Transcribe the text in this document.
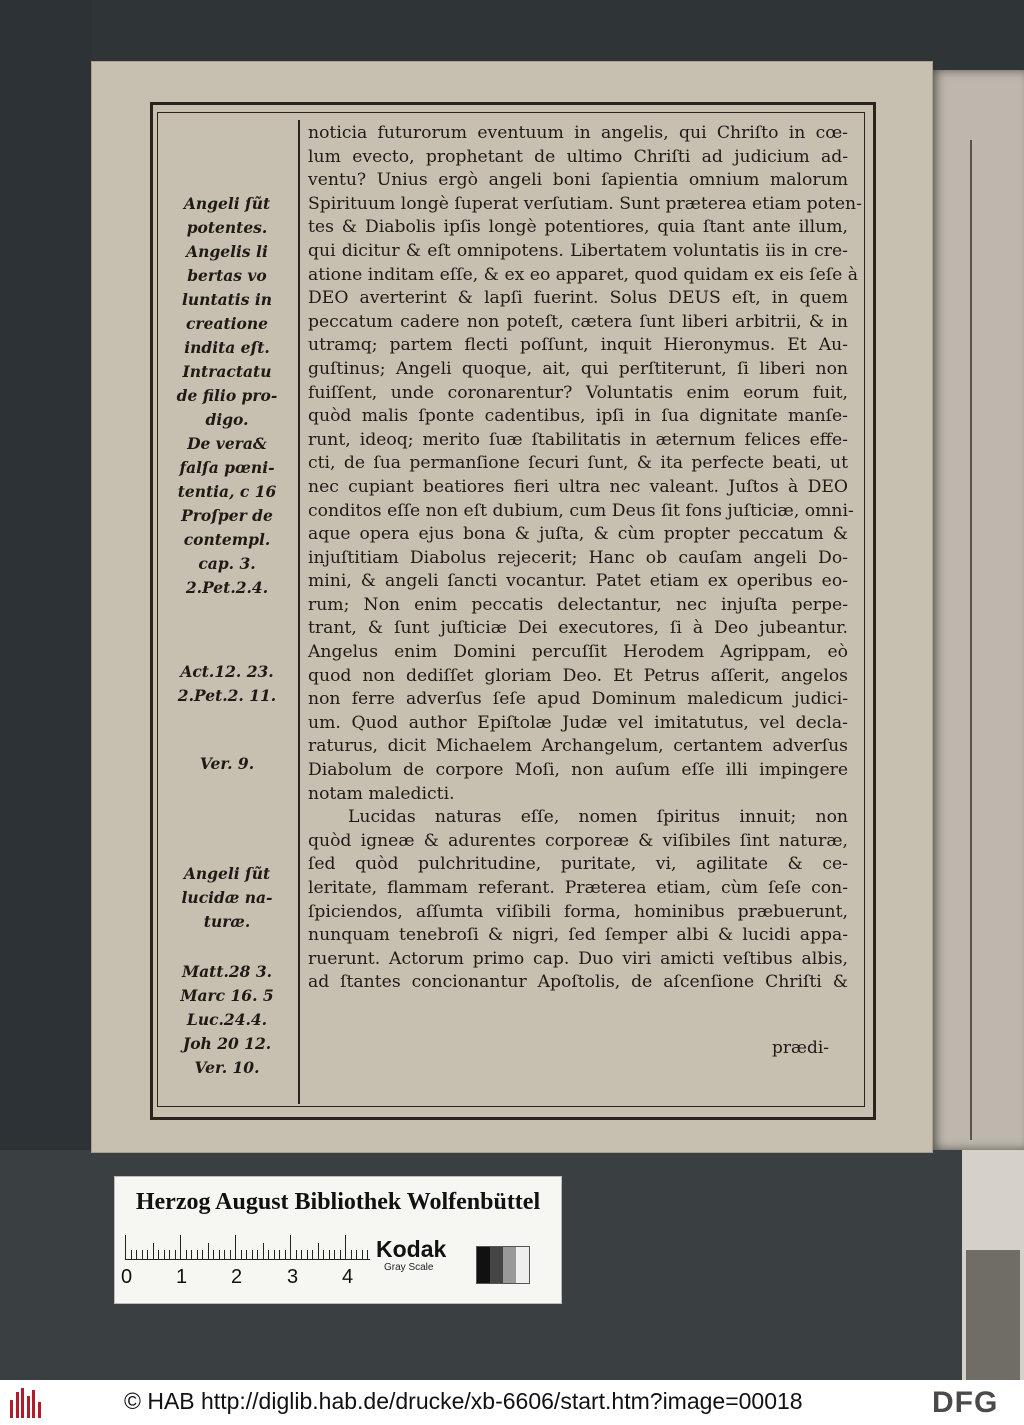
Angeli ſũt
potentes.
Angelis li
bertas vo
luntatis in
creatione
indita eſt.
Intractatu
de filio pro-
digo.
De vera&
falſa pœni-
tentia, c 16
Proſper de
contempl.
cap. 3.
2.Pet.2.4.
Act.12. 23.
2.Pet.2. 11.
Ver. 9.
Angeli ſũt
lucidæ na-
turæ.
Matt.28 3.
Marc 16. 5
Luc.24.4.
Joh 20 12.
Ver. 10.
noticia futurorum eventuum in angelis, qui Chriſto in cœ-
lum evecto, prophetant de ultimo Chriſti ad judicium ad-
ventu? Unius ergò angeli boni ſapientia omnium malorum
Spirituum longè ſuperat verſutiam. Sunt præterea etiam poten-
tes & Diabolis ipſis longè potentiores, quia ſtant ante illum,
qui dicitur & eſt omnipotens. Libertatem voluntatis iis in cre-
atione inditam eſſe, & ex eo apparet, quod quidam ex eis ſeſe à
DEO averterint & lapſi fuerint. Solus DEUS eſt, in quem
peccatum cadere non poteſt, cætera ſunt liberi arbitrii, & in
utramq; partem flecti poſſunt, inquit Hieronymus. Et Au-
guſtinus; Angeli quoque, ait, qui perſtiterunt, ſi liberi non
fuiſſent, unde coronarentur? Voluntatis enim eorum fuit,
quòd malis ſponte cadentibus, ipſi in ſua dignitate manſe-
runt, ideoq; merito ſuæ ſtabilitatis in æternum felices effe-
cti, de ſua permanſione ſecuri ſunt, & ita perfecte beati, ut
nec cupiant beatiores fieri ultra nec valeant. Juſtos à DEO
conditos eſſe non eſt dubium, cum Deus ſit fons juſticiæ, omni-
aque opera ejus bona & juſta, & cùm propter peccatum &
injuſtitiam Diabolus rejecerit; Hanc ob cauſam angeli Do-
mini, & angeli ſancti vocantur. Patet etiam ex operibus eo-
rum; Non enim peccatis delectantur, nec injuſta perpe-
trant, & ſunt juſticiæ Dei executores, ſi à Deo jubeantur.
Angelus enim Domini percuſſit Herodem Agrippam, eò
quod non dediſſet gloriam Deo. Et Petrus aſſerit, angelos
non ferre adverſus ſeſe apud Dominum maledicum judici-
um. Quod author Epiſtolæ Judæ vel imitatutus, vel decla-
raturus, dicit Michaelem Archangelum, certantem adverſus
Diabolum de corpore Moſi, non auſum eſſe illi impingere
notam maledicti.
Lucidas naturas eſſe, nomen ſpiritus innuit; non
quòd igneæ & adurentes corporeæ & viſibiles ſint naturæ,
ſed quòd pulchritudine, puritate, vi, agilitate & ce-
leritate, flammam referant. Præterea etiam, cùm ſeſe con-
ſpiciendos, aſſumta viſibili forma, hominibus præbuerunt,
nunquam tenebroſi & nigri, ſed ſemper albi & lucidi appa-
ruerunt. Actorum primo cap. Duo viri amicti veſtibus albis,
ad ſtantes concionantur Apoſtolis, de aſcenſione Chriſti &
prædi-
Herzog August Bibliothek Wolfenbüttel
0 1 2 3 4
Kodak
Gray Scale
© HAB http://diglib.hab.de/drucke/xb-6606/start.htm?image=00018	DFG
